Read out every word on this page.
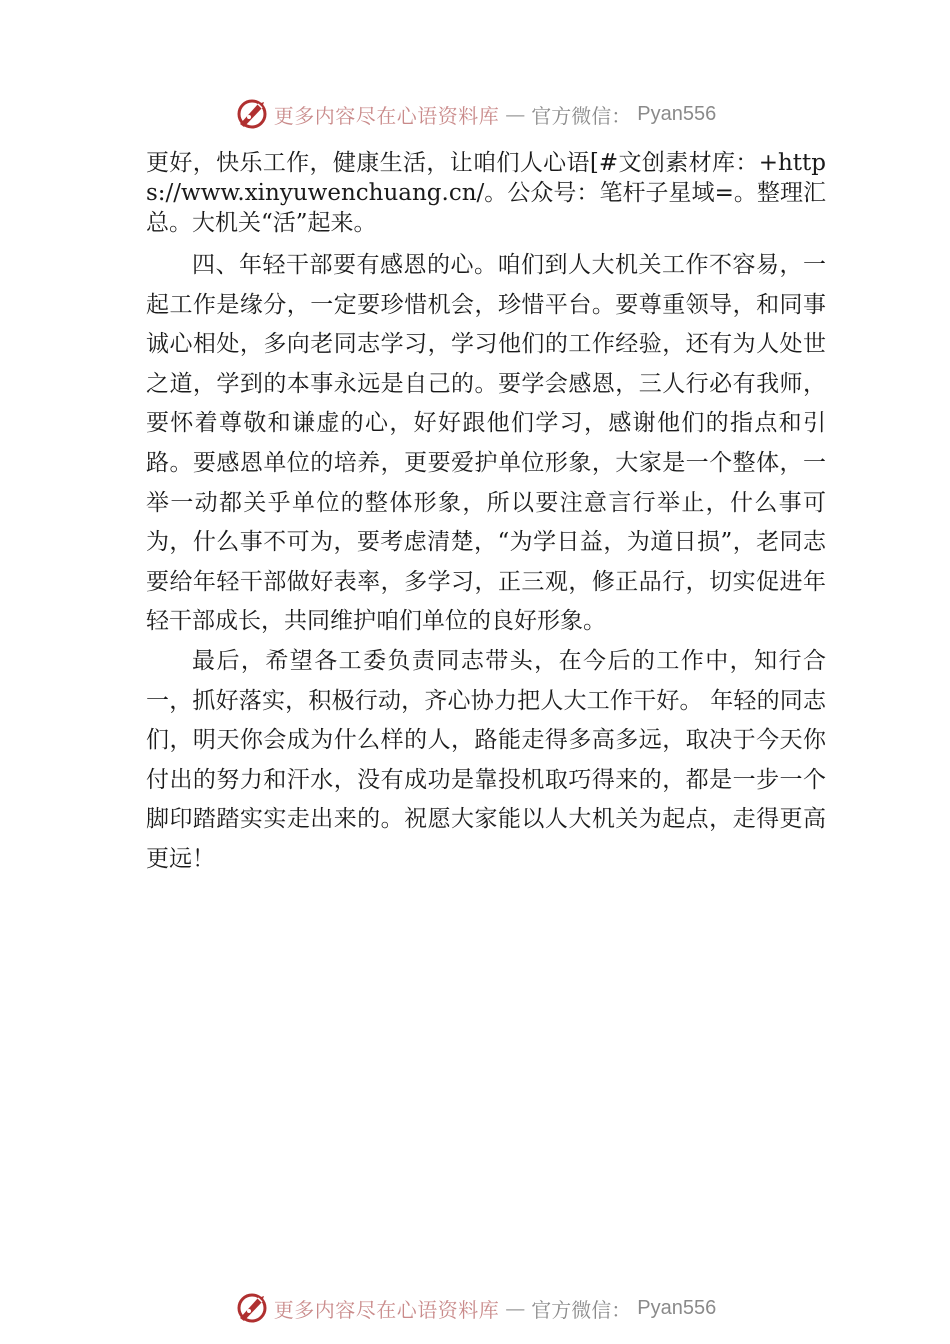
更多内容尽在心语资料库 — 官方微信： Pyan556

更好，快乐工作，健康生活，让咱们人心语[#文创素材库：+https://www.xinyuwenchuang.cn/。公众号：笔杆子星域=。整理汇总。大机关“活”起来。

四、年轻干部要有感恩的心。咱们到人大机关工作不容易，一起工作是缘分，一定要珍惜机会，珍惜平台。要尊重领导，和同事诚心相处，多向老同志学习，学习他们的工作经验，还有为人处世之道，学到的本事永远是自己的。要学会感恩，三人行必有我师，要怀着尊敬和谦虚的心，好好跟他们学习，感谢他们的指点和引路。要感恩单位的培养，更要爱护单位形象，大家是一个整体，一举一动都关乎单位的整体形象，所以要注意言行举止，什么事可为，什么事不可为，要考虑清楚，“为学日益，为道日损”，老同志要给年轻干部做好表率，多学习，正三观，修正品行，切实促进年轻干部成长，共同维护咱们单位的良好形象。

最后，希望各工委负责同志带头，在今后的工作中，知行合一，抓好落实，积极行动，齐心协力把人大工作干好。 年轻的同志们，明天你会成为什么样的人，路能走得多高多远，取决于今天你付出的努力和汗水，没有成功是靠投机取巧得来的，都是一步一个脚印踏踏实实走出来的。祝愿大家能以人大机关为起点，走得更高更远！

更多内容尽在心语资料库 — 官方微信： Pyan556
